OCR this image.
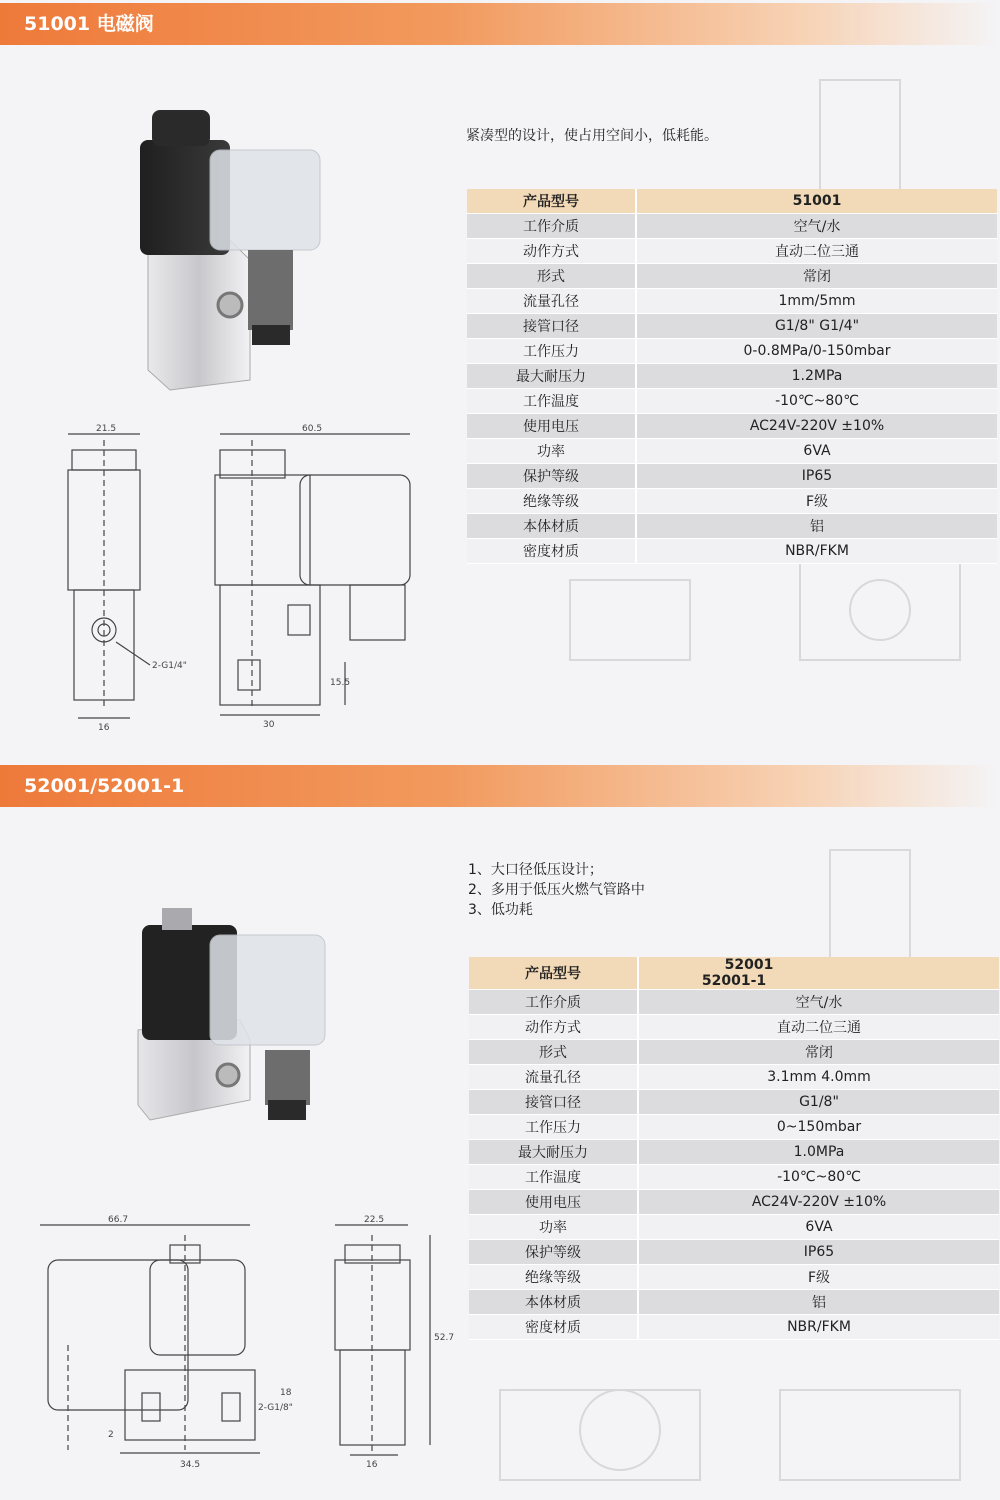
51001 电磁阀
21.5	60.5
2-G1/4"
16	30
15.5
紧凑型的设计，使占用空间小，低耗能。
产品型号	51001
工作介质	空气/水
动作方式	直动二位三通
形式	常闭
流量孔径	1mm/5mm
接管口径	G1/8" G1/4"
工作压力	0-0.8MPa/0-150mbar
最大耐压力	1.2MPa
工作温度	-10℃~80℃
使用电压	AC24V-220V ±10%
功率	6VA
保护等级	IP65
绝缘等级	F级
本体材质	铝
密度材质	NBR/FKM
52001/52001-1
66.7	22.5
52.7
2-G1/8"
18
2
34.5	16
1、大口径低压设计；
2、多用于低压火燃气管路中
3、低功耗
产品型号	52001 52001-1
工作介质	空气/水
动作方式	直动二位三通
形式	常闭
流量孔径	3.1mm 4.0mm
接管口径	G1/8"
工作压力	0~150mbar
最大耐压力	1.0MPa
工作温度	-10℃~80℃
使用电压	AC24V-220V ±10%
功率	6VA
保护等级	IP65
绝缘等级	F级
本体材质	铝
密度材质	NBR/FKM
